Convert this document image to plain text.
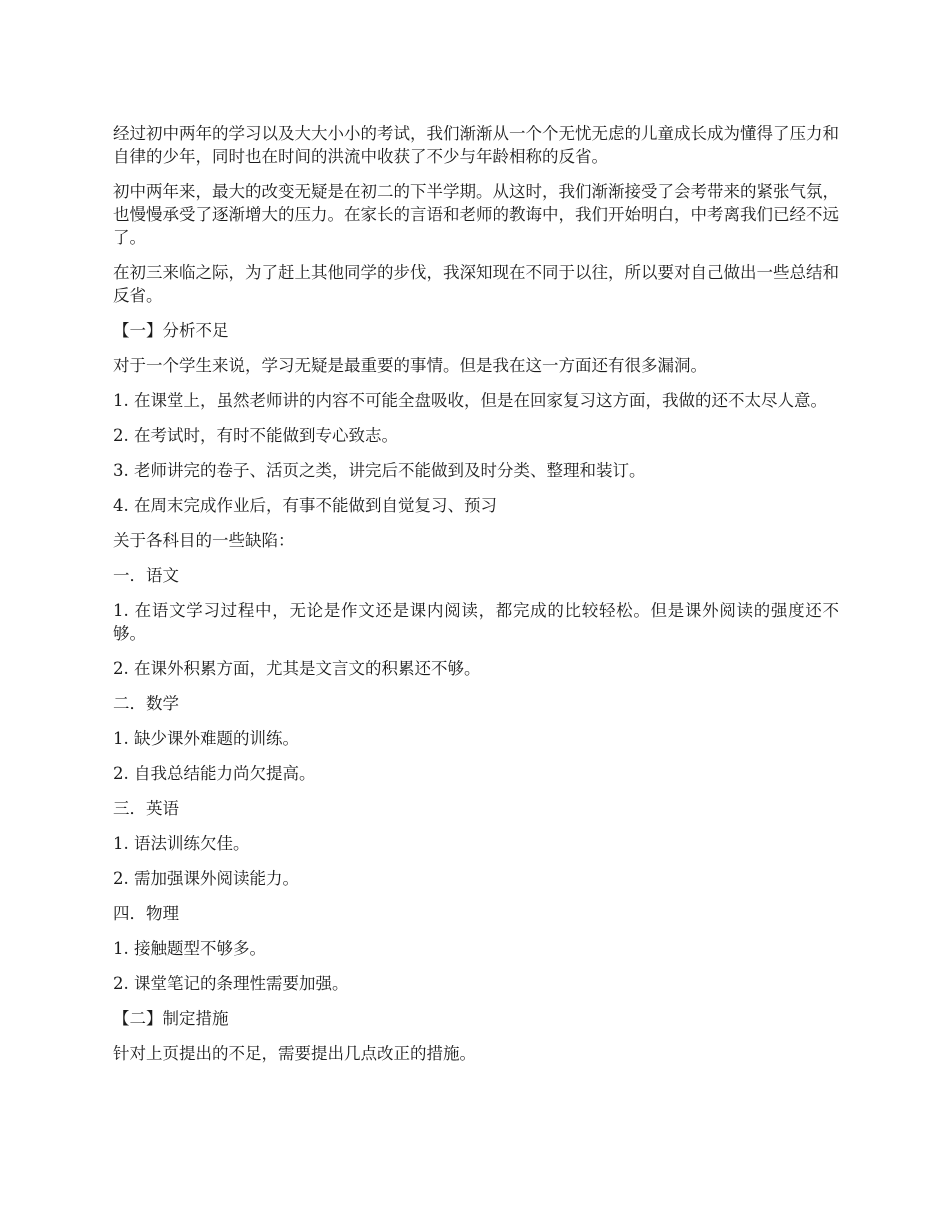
经过初中两年的学习以及大大小小的考试，我们渐渐从一个个无忧无虑的儿童成长成为懂得了压力和自律的少年，同时也在时间的洪流中收获了不少与年龄相称的反省。

初中两年来，最大的改变无疑是在初二的下半学期。从这时，我们渐渐接受了会考带来的紧张气氛，也慢慢承受了逐渐增大的压力。在家长的言语和老师的教诲中，我们开始明白，中考离我们已经不远了。

在初三来临之际，为了赶上其他同学的步伐，我深知现在不同于以往，所以要对自己做出一些总结和反省。

【一】分析不足

对于一个学生来说，学习无疑是最重要的事情。但是我在这一方面还有很多漏洞。

1. 在课堂上，虽然老师讲的内容不可能全盘吸收，但是在回家复习这方面，我做的还不太尽人意。

2. 在考试时，有时不能做到专心致志。

3. 老师讲完的卷子、活页之类，讲完后不能做到及时分类、整理和装订。

4. 在周末完成作业后，有事不能做到自觉复习、预习

关于各科目的一些缺陷：

一．语文

1. 在语文学习过程中，无论是作文还是课内阅读，都完成的比较轻松。但是课外阅读的强度还不够。

2. 在课外积累方面，尤其是文言文的积累还不够。

二．数学

1. 缺少课外难题的训练。

2. 自我总结能力尚欠提高。

三．英语

1. 语法训练欠佳。

2. 需加强课外阅读能力。

四．物理

1. 接触题型不够多。

2. 课堂笔记的条理性需要加强。

【二】制定措施

针对上页提出的不足，需要提出几点改正的措施。
